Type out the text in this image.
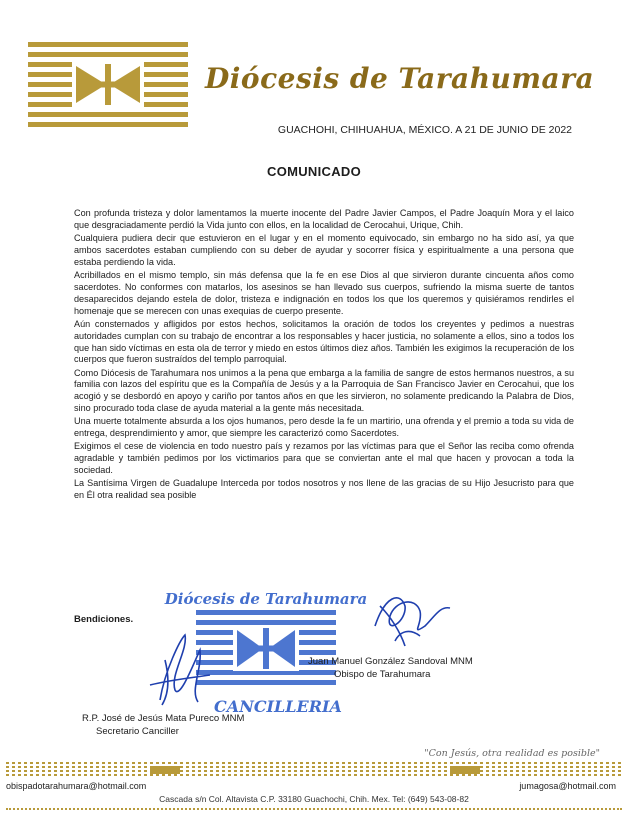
Diócesis de Tarahumara
GUACHOHI, CHIHUAHUA, MÉXICO. A 21 DE JUNIO DE 2022
COMUNICADO

Con profunda tristeza y dolor lamentamos la muerte inocente del Padre Javier Campos, el Padre Joaquín Mora y el laico que desgraciadamente perdió la Vida junto con ellos, en la localidad de Cerocahui, Urique, Chih.

Cualquiera pudiera decir que estuvieron en el lugar y en el momento equivocado, sin embargo no ha sido así, ya que ambos sacerdotes estaban cumpliendo con su deber de ayudar y socorrer física y espiritualmente a una persona que estaba perdiendo la vida.

Acribillados en el mismo templo, sin más defensa que la fe en ese Dios al que sirvieron durante cincuenta años como sacerdotes. No conformes con matarlos, los asesinos se han llevado sus cuerpos, sufriendo la misma suerte de tantos desaparecidos dejando estela de dolor, tristeza e indignación en todos los que los queremos y quisiéramos rendirles el homenaje que se merecen con unas exequias de cuerpo presente.

Aún consternados y afligidos por estos hechos, solicitamos la oración de todos los creyentes y pedimos a nuestras autoridades cumplan con su trabajo de encontrar a los responsables y hacer justicia, no solamente a ellos, sino a todos los que han sido víctimas en esta ola de terror y miedo en estos últimos diez años. También les exigimos la recuperación de los cuerpos que fueron sustraídos del templo parroquial.

Como Diócesis de Tarahumara nos unimos a la pena que embarga a la familia de sangre de estos hermanos nuestros, a su familia con lazos del espíritu que es la Compañía de Jesús y a la Parroquia de San Francisco Javier en Cerocahui, que los acogió y se desbordó en apoyo y cariño por tantos años en que les sirvieron, no solamente predicando la Palabra de Dios, sino procurado toda clase de ayuda material a la gente más necesitada.

Una muerte totalmente absurda a los ojos humanos, pero desde la fe un martirio, una ofrenda y el premio a toda su vida de entrega, desprendimiento y amor, que siempre les caracterizó como Sacerdotes.

Exigimos el cese de violencia en todo nuestro país y rezamos por las víctimas para que el Señor las reciba como ofrenda agradable y también pedimos por los victimarios para que se conviertan ante el mal que hacen y provocan a toda la sociedad.

La Santísima Virgen de Guadalupe Interceda por todos nosotros y nos llene de las gracias de su Hijo Jesucristo para que en Él otra realidad sea posible

Bendiciones.
Diócesis de Tarahumara
CANCILLERIA
Juan Manuel González Sandoval MNM
Obispo de Tarahumara
R.P. José de Jesús Mata Pureco MNM
Secretario Canciller
"Con Jesús, otra realidad es posible"
obispadotarahumara@hotmail.com	jumagosa@hotmail.com
Cascada s/n Col. Altavista C.P. 33180 Guachochi, Chih. Mex. Tel: (649) 543-08-82
